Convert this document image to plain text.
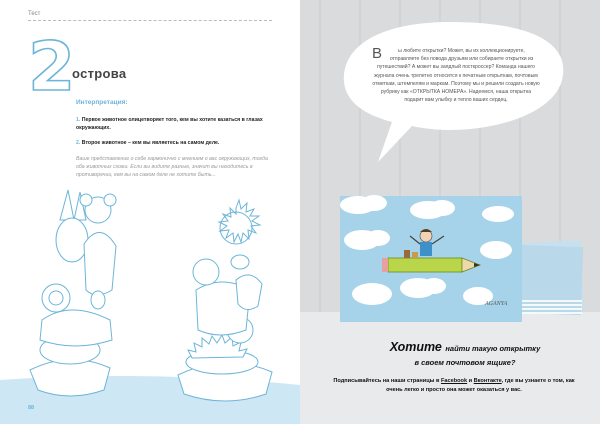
Тест
2
острова
Интерпретация:
1. Первое животное олицетворяет того, кем вы хотите казаться в глазах окружающих.
2. Второе животное – кем вы являетесь на самом деле.
Ваше представление о себе гармонично с мнением о вас окружающих, тогда оба животных схожи. Если вы видите разные, значит вы находитесь в противоречии, кем вы на самом деле не хотите быть...
88
AGANYA
В	ы любите открытки? Может, вы их коллекционируете, отправляете без повода друзьям или собираете открытки из путешествий? А может вы заядлый посткроссер? Команда нашего журнала очень трепетно относится к печатным открыткам, почтовым отметкам, штемпелям и маркам. Поэтому мы и решили создать новую рубрику как «ОТКРЫТКА НОМЕРА». Надеемся, наша открытка подарит вам улыбку и тепло ваших сердец.
Хотите найти такую открытку
в своем почтовом ящике?
Подписывайтесь на наши страницы в Facebook и Вконтакте, где вы узнаете о том, как очень легко и просто она может оказаться у вас.
